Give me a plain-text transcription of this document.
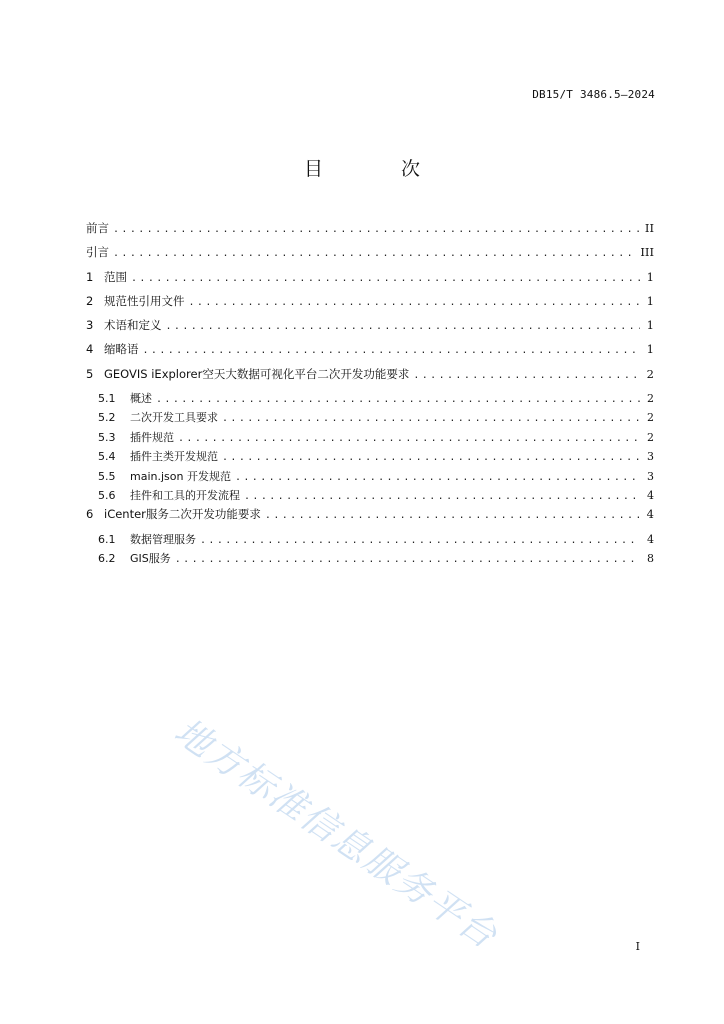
DB15/T 3486.5—2024
目 次
前言 .....	II
引言 .....	III
1 范围 .....	1
2 规范性引用文件 .....	1
3 术语和定义 .....	1
4 缩略语 .....	1
5 GEOVIS iExplorer空天大数据可视化平台二次开发功能要求 .....	2
5.1	概述 .....	2
5.2	二次开发工具要求 .....	2
5.3	插件规范 .....	2
5.4	插件主类开发规范 .....	3
5.5	main.json 开发规范 .....	3
5.6	挂件和工具的开发流程 .....	4
6 iCenter服务二次开发功能要求 .....	4
6.1	数据管理服务 .....	4
6.2	GIS服务 .....	8
地方标准信息服务平台	I
